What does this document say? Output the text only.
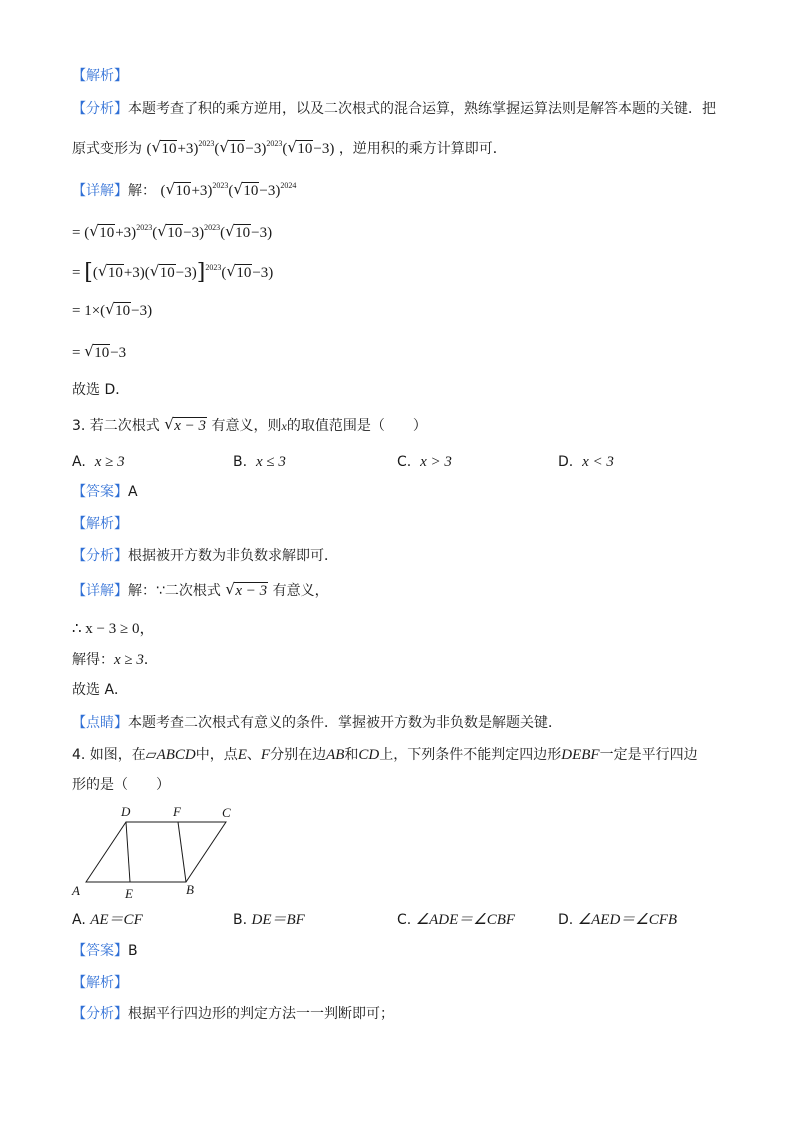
【解析】
【分析】本题考查了积的乘方逆用，以及二次根式的混合运算，熟练掌握运算法则是解答本题的关键．把
原式变形为 ( √ 10+3)$^{2023}$( √ 10−3)$^{2023}$( √ 10−3) ，逆用积的乘方计算即可．
【详解】解： ( √ 10+3)$^{2023}$( √ 10−3)$^{2024}$
= ( √ 10+3)$^{2023}$( √ 10−3)$^{2023}$( √ 10−3)
= [( √ 10+3)( √ 10−3)]$^{2023}$( √ 10−3)
= 1×( √ 10−3)
= √ 10−3
故选 D．
3. 若二次根式 √ x − 3 有意义，则x的取值范围是（　　）
A. x ≥ 3	B. x ≤ 3	C. x > 3	D. x < 3
【答案】A
【解析】
【分析】根据被开方数为非负数求解即可．
【详解】解：∵二次根式 √ x − 3 有意义，
∴ x − 3 ≥ 0，
解得：x ≥ 3．
故选 A．
【点睛】本题考查二次根式有意义的条件．掌握被开方数为非负数是解题关键．
4. 如图，在▱ABCD中，点E、F分别在边AB和CD上，下列条件不能判定四边形DEBF一定是平行四边
形的是（　　）
A	E	B
D	F	C
A. AE＝CF	B. DE＝BF	C. ∠ADE＝∠CBF	D. ∠AED＝∠CFB
【答案】B
【解析】
【分析】根据平行四边形的判定方法一一判断即可；
